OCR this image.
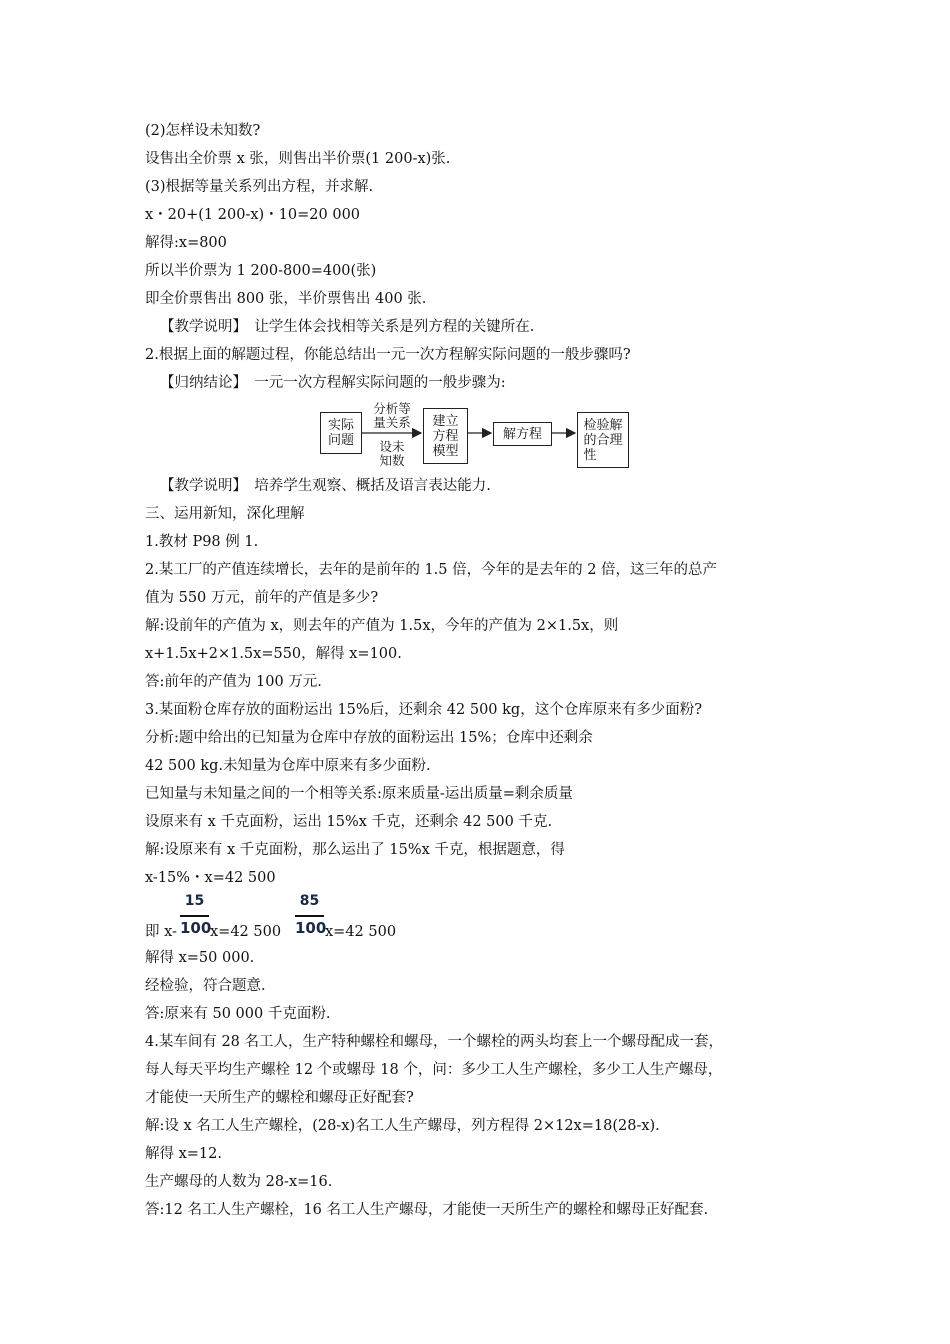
(2)怎样设未知数?
设售出全价票 x 张，则售出半价票(1 200-x)张.
(3)根据等量关系列出方程，并求解.
x・20+(1 200-x)・10=20 000
解得:x=800
所以半价票为 1 200-800=400(张)
即全价票售出 800 张，半价票售出 400 张.
【教学说明】　让学生体会找相等关系是列方程的关键所在.
2.根据上面的解题过程，你能总结出一元一次方程解实际问题的一般步骤吗?
【归纳结论】　一元一次方程解实际问题的一般步骤为:
实际
问题
分析等
量关系
设未
知数
建立
方程
模型
解方程
检验解
的合理
性
【教学说明】　培养学生观察、概括及语言表达能力.
三、运用新知，深化理解
1.教材 P98 例 1.
2.某工厂的产值连续增长，去年的是前年的 1.5 倍，今年的是去年的 2 倍，这三年的总产
值为 550 万元，前年的产值是多少?
解:设前年的产值为 x，则去年的产值为 1.5x，今年的产值为 2×1.5x，则
x+1.5x+2×1.5x=550，解得 x=100.
答:前年的产值为 100 万元.
3.某面粉仓库存放的面粉运出 15%后，还剩余 42 500 kg，这个仓库原来有多少面粉?
分析:题中给出的已知量为仓库中存放的面粉运出 15%；仓库中还剩余
42 500 kg.未知量为仓库中原来有多少面粉.
已知量与未知量之间的一个相等关系:原来质量-运出质量=剩余质量
设原来有 x 千克面粉，运出 15%x 千克，还剩余 42 500 千克.
解:设原来有 x 千克面粉，那么运出了 15%x 千克，根据题意，得
x-15%・x=42 500
即 x-
15
100
x=42 500
85
100
x=42 500
解得 x=50 000.
经检验，符合题意.
答:原来有 50 000 千克面粉.
4.某车间有 28 名工人，生产特种螺栓和螺母，一个螺栓的两头均套上一个螺母配成一套，
每人每天平均生产螺栓 12 个或螺母 18 个，问：多少工人生产螺栓，多少工人生产螺母，
才能使一天所生产的螺栓和螺母正好配套?
解:设 x 名工人生产螺栓，(28-x)名工人生产螺母，列方程得 2×12x=18(28-x).
解得 x=12.
生产螺母的人数为 28-x=16.
答:12 名工人生产螺栓，16 名工人生产螺母，才能使一天所生产的螺栓和螺母正好配套.
